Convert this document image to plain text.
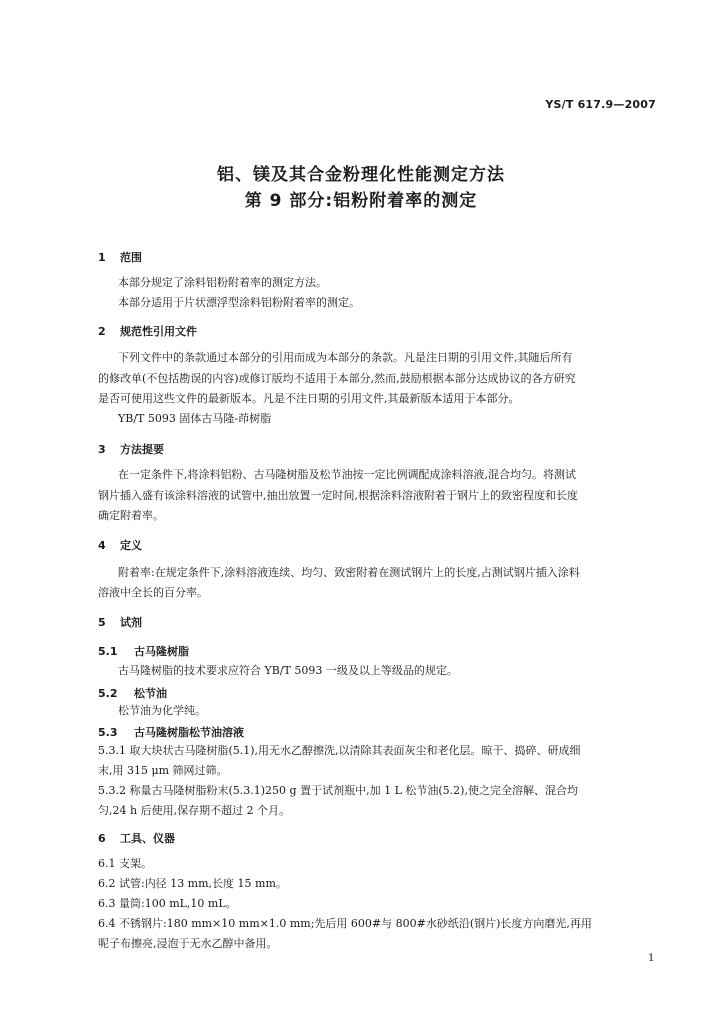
YS/T 617.9—2007
铝、镁及其合金粉理化性能测定方法
第 9 部分:铝粉附着率的测定
1 范围
本部分规定了涂料铝粉附着率的测定方法。
本部分适用于片状漂浮型涂料铝粉附着率的测定。
2 规范性引用文件
下列文件中的条款通过本部分的引用而成为本部分的条款。凡是注日期的引用文件,其随后所有
的修改单(不包括勘误的内容)或修订版均不适用于本部分,然而,鼓励根据本部分达成协议的各方研究
是否可使用这些文件的最新版本。凡是不注日期的引用文件,其最新版本适用于本部分。
YB/T 5093 固体古马隆-茚树脂
3 方法提要
在一定条件下,将涂料铝粉、古马隆树脂及松节油按一定比例调配成涂料溶液,混合均匀。将测试
钢片插入盛有该涂料溶液的试管中,抽出放置一定时间,根据涂料溶液附着于钢片上的致密程度和长度
确定附着率。
4 定义
附着率:在规定条件下,涂料溶液连续、均匀、致密附着在测试钢片上的长度,占测试钢片插入涂料
溶液中全长的百分率。
5 试剂
5.1 古马隆树脂
古马隆树脂的技术要求应符合 YB/T 5093 一级及以上等级品的规定。
5.2 松节油
松节油为化学纯。
5.3 古马隆树脂松节油溶液
5.3.1 取大块状古马隆树脂(5.1),用无水乙醇擦洗,以清除其表面灰尘和老化层。晾干、捣碎、研成细
末,用 315 μm 筛网过筛。
5.3.2 称量古马隆树脂粉末(5.3.1)250 g 置于试剂瓶中,加 1 L 松节油(5.2),使之完全溶解、混合均
匀,24 h 后使用,保存期不超过 2 个月。
6 工具、仪器
6.1 支架。
6.2 试管:内径 13 mm,长度 15 mm。
6.3 量筒:100 mL,10 mL。
6.4 不锈钢片:180 mm×10 mm×1.0 mm;先后用 600#与 800#水砂纸沿(钢片)长度方向磨光,再用
呢子布擦亮,浸泡于无水乙醇中备用。
1
